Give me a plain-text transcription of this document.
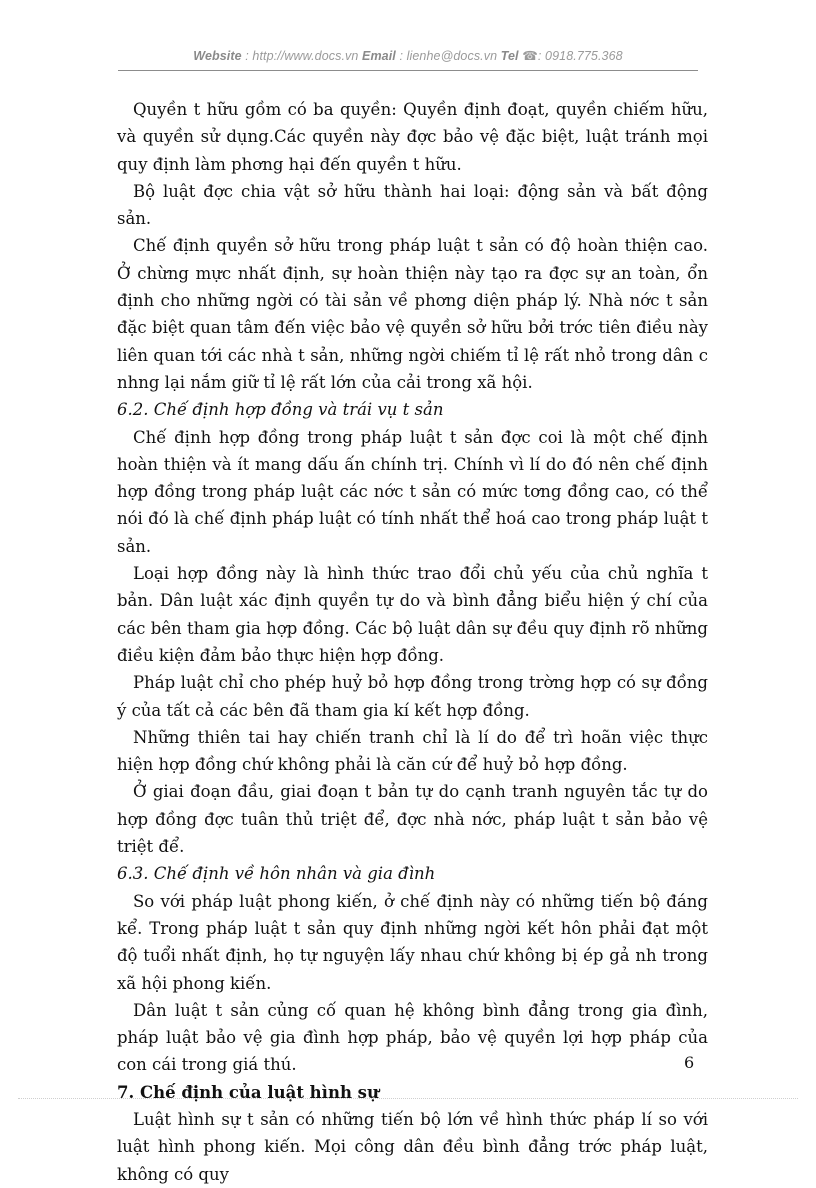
Website : http://www.docs.vn Email : lienhe@docs.vn Tel ☎: 0918.775.368

Quyền t hữu gồm có ba quyền: Quyền định đoạt, quyền chiếm hữu, và quyền sử dụng.Các quyền này đợc bảo vệ đặc biệt, luật tránh mọi quy định làm phơng hại đến quyền t hữu.

Bộ luật đợc chia vật sở hữu thành hai loại: động sản và bất động sản.

Chế định quyền sở hữu trong pháp luật t sản có độ hoàn thiện cao. Ở chừng mực nhất định, sự hoàn thiện này tạo ra đợc sự an toàn, ổn định cho những ngời có tài sản về phơng diện pháp lý. Nhà nớc t sản đặc biệt quan tâm đến việc bảo vệ quyền sở hữu bởi trớc tiên điều này liên quan tới các nhà t sản, những ngời chiếm tỉ lệ rất nhỏ trong dân c nhng lại nắm giữ tỉ lệ rất lớn của cải trong xã hội.

6.2. Chế định hợp đồng và trái vụ t sản

Chế định hợp đồng trong pháp luật t sản đợc coi là một chế định hoàn thiện và ít mang dấu ấn chính trị. Chính vì lí do đó nên chế định hợp đồng trong pháp luật các nớc t sản có mức tơng đồng cao, có thể nói đó là chế định pháp luật có tính nhất thể hoá cao trong pháp luật t sản.

Loại hợp đồng này là hình thức trao đổi chủ yếu của chủ nghĩa t bản. Dân luật xác định quyền tự do và bình đẳng biểu hiện ý chí của các bên tham gia hợp đồng. Các bộ luật dân sự đều quy định rõ những điều kiện đảm bảo thực hiện hợp đồng.

Pháp luật chỉ cho phép huỷ bỏ hợp đồng trong trờng hợp có sự đồng ý của tất cả các bên đã tham gia kí kết hợp đồng.

Những thiên tai hay chiến tranh chỉ là lí do để trì hoãn việc thực hiện hợp đồng chứ không phải là căn cứ để huỷ bỏ hợp đồng.

Ở giai đoạn đầu, giai đoạn t bản tự do cạnh tranh nguyên tắc tự do hợp đồng đợc tuân thủ triệt để, đợc nhà nớc, pháp luật t sản bảo vệ triệt để.

6.3. Chế định về hôn nhân và gia đình

So với pháp luật phong kiến, ở chế định này có những tiến bộ đáng kể. Trong pháp luật t sản quy định những ngời kết hôn phải đạt một độ tuổi nhất định, họ tự nguyện lấy nhau chứ không bị ép gả nh trong xã hội phong kiến.

Dân luật t sản củng cố quan hệ không bình đẳng trong gia đình, pháp luật bảo vệ gia đình hợp pháp, bảo vệ quyền lợi hợp pháp của con cái trong giá thú.

7. Chế định của luật hình sự

Luật hình sự t sản có những tiến bộ lớn về hình thức pháp lí so với luật hình phong kiến. Mọi công dân đều bình đẳng trớc pháp luật, không có quy

6
